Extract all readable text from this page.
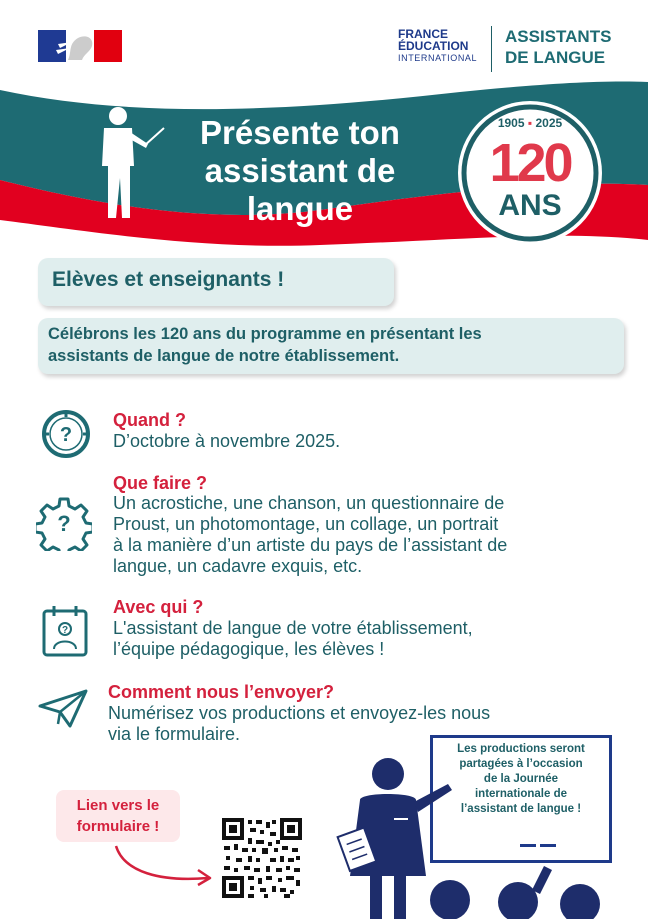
FRANCE
ÉDUCATION
INTERNATIONAL
ASSISTANTS
DE LANGUE
Présente ton
assistant de
langue
1905 ▪ 2025
120
ANS
Elèves et enseignants !
Célébrons les 120 ans du programme en présentant les
assistants de langue de notre établissement.
?
Quand ?
D’octobre à novembre 2025.
?
Que faire ?
Un acrostiche, une chanson, un questionnaire de
Proust, un photomontage, un collage, un portrait
à la manière d’un artiste du pays de l’assistant de
langue, un cadavre exquis, etc.
?
Avec qui ?
L'assistant de langue de votre établissement,
l’équipe pédagogique, les élèves !
Comment nous l’envoyer?
Numérisez vos productions et envoyez-les nous
via le formulaire.
Lien vers le
formulaire !
Les productions seront
partagées à l’occasion
de la Journée
internationale de
l’assistant de langue !
